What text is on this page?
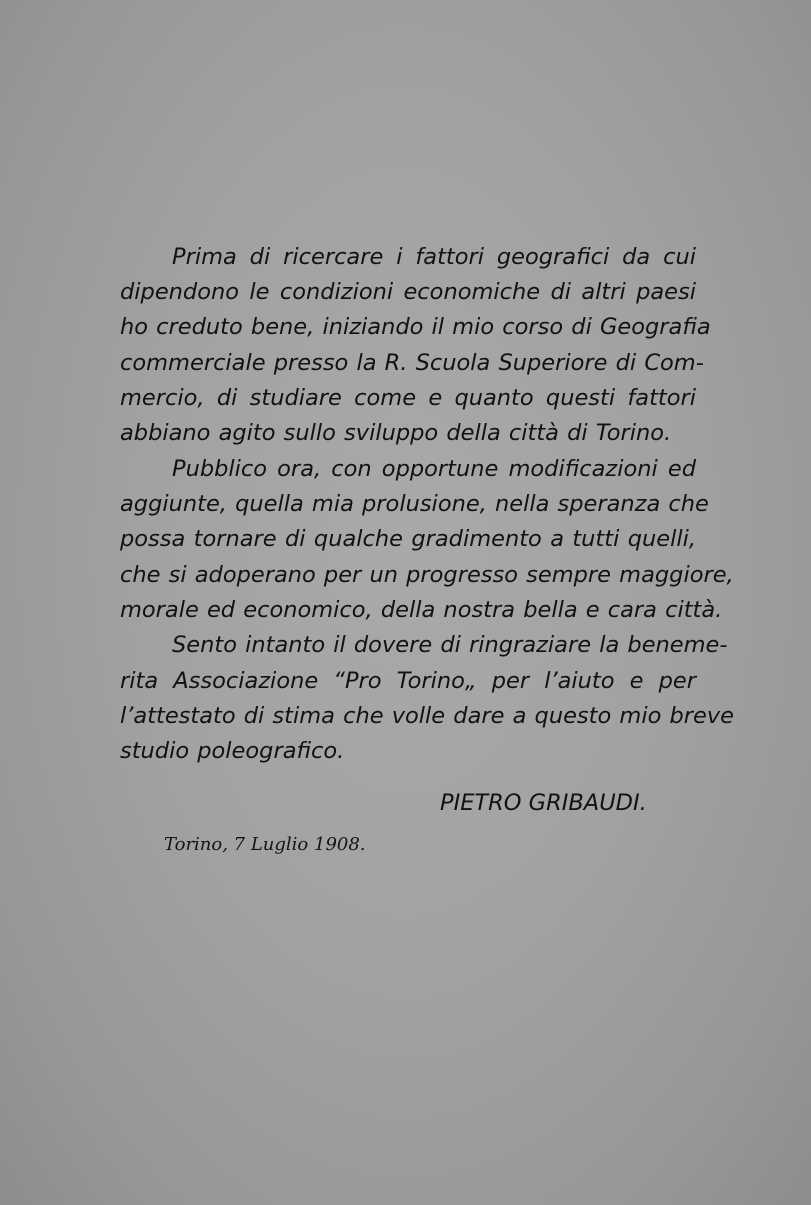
Prima di ricercare i fattori geografici da cui
dipendono le condizioni economiche di altri paesi
ho creduto bene, iniziando il mio corso di Geografia
commerciale presso la R. Scuola Superiore di Com-
mercio, di studiare come e quanto questi fattori
abbiano agito sullo sviluppo della città di Torino.
Pubblico ora, con opportune modificazioni ed
aggiunte, quella mia prolusione, nella speranza che
possa tornare di qualche gradimento a tutti quelli,
che si adoperano per un progresso sempre maggiore,
morale ed economico, della nostra bella e cara città.
Sento intanto il dovere di ringraziare la beneme-
rita Associazione “Pro Torino„ per l’aiuto e per
l’attestato di stima che volle dare a questo mio breve
studio poleografico.
PIETRO GRIBAUDI.
Torino, 7 Luglio 1908.
